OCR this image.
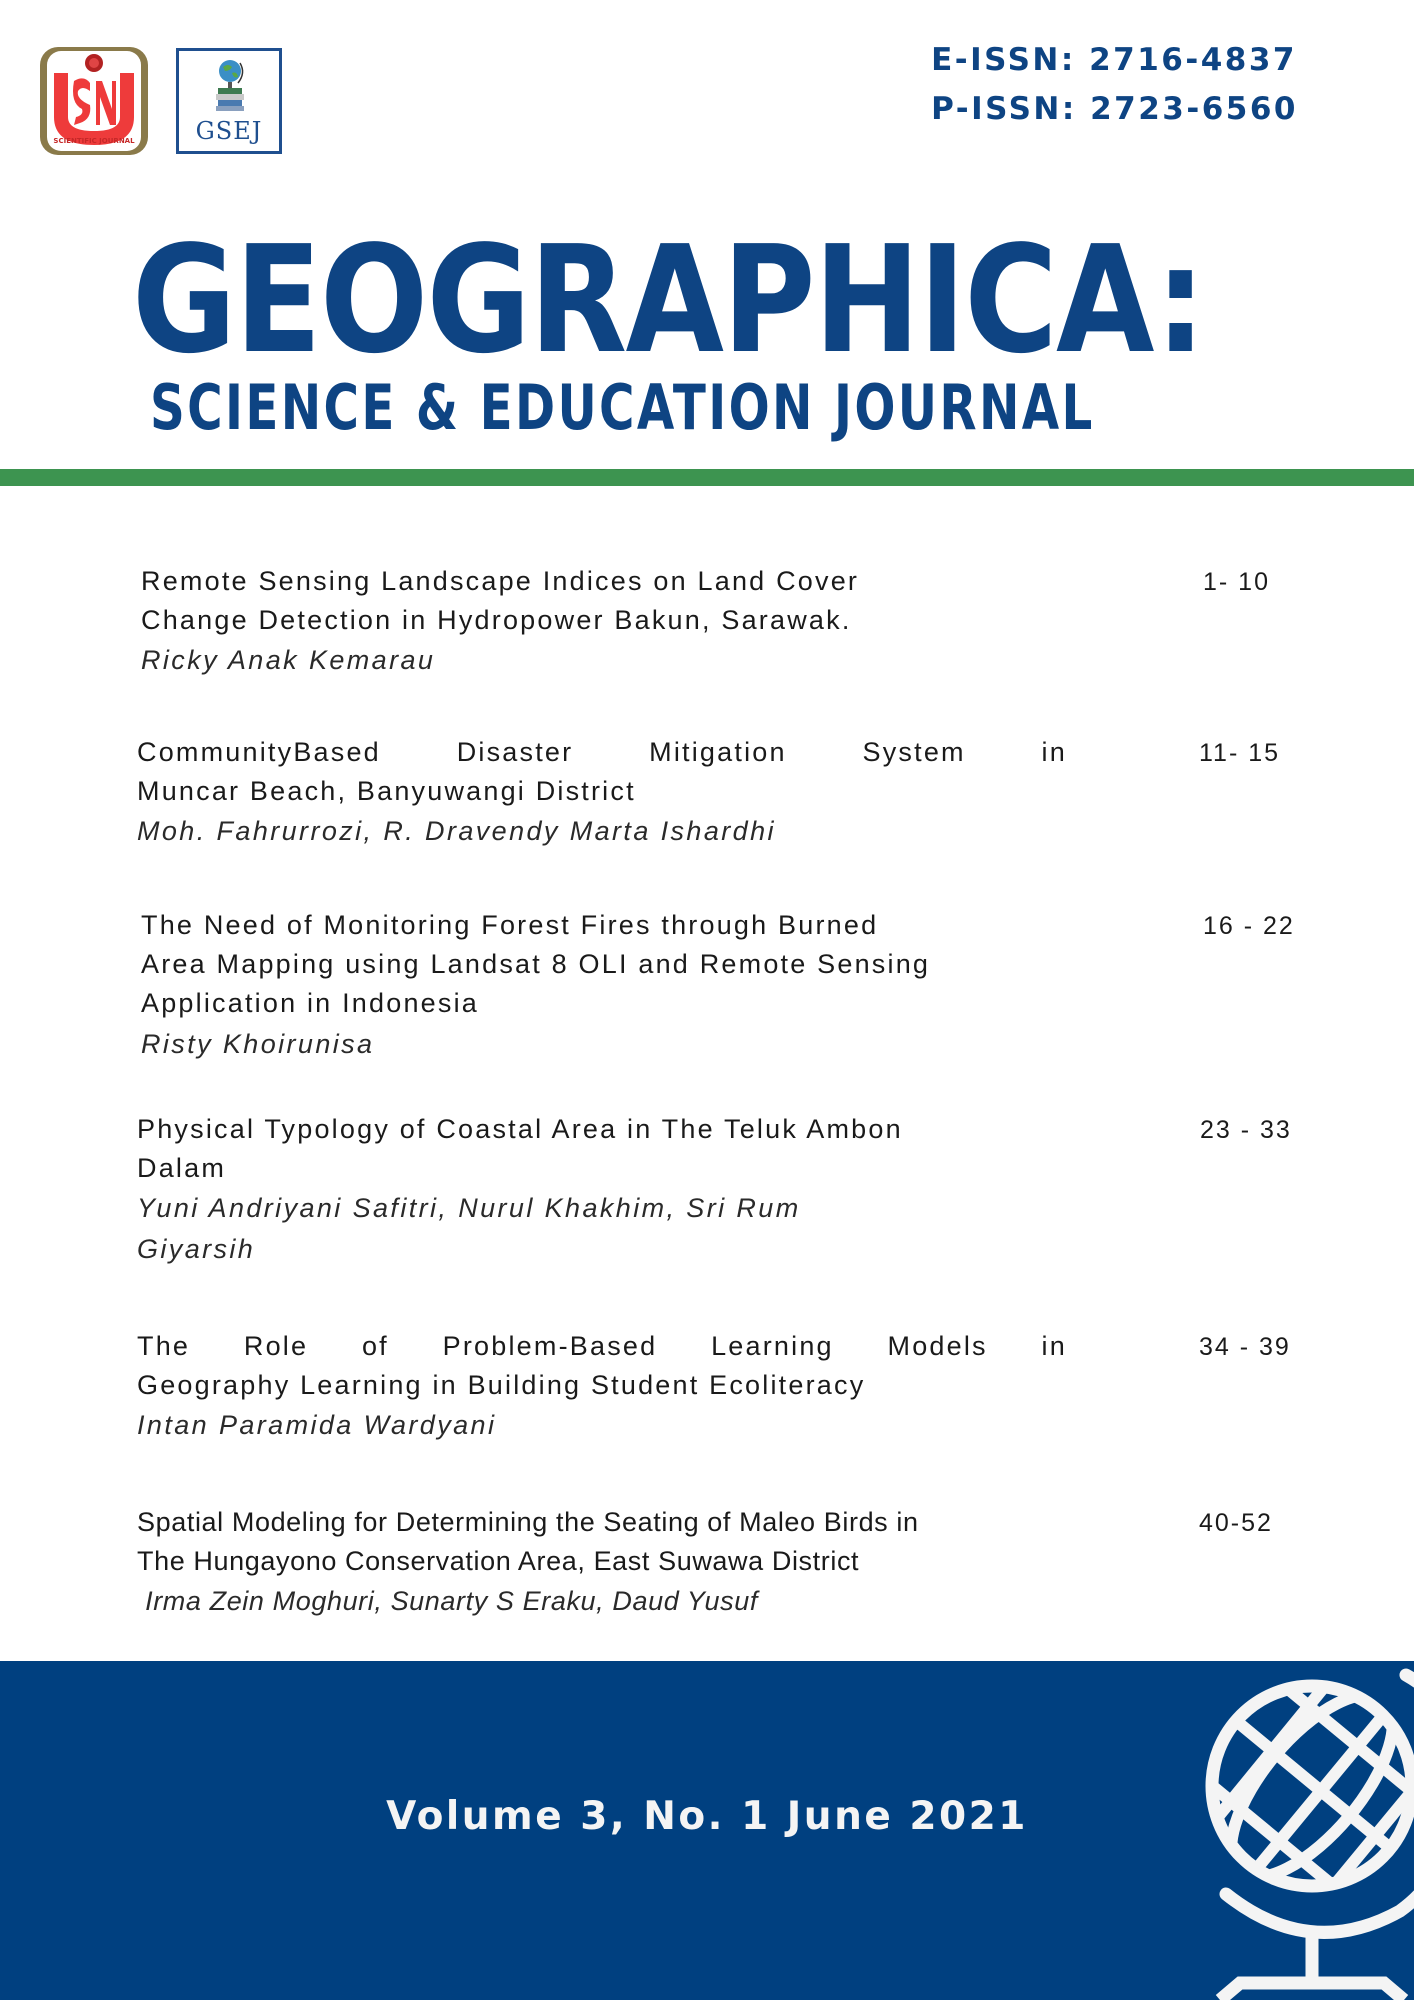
SCIENTIFIC JOURNAL	GSEJ
E-ISSN: 2716-4837
P-ISSN: 2723-6560
GEOGRAPHICA:
SCIENCE & EDUCATION JOURNAL
Remote Sensing Landscape Indices on Land Cover
Change Detection in Hydropower Bakun, Sarawak.
Ricky Anak Kemarau
1- 10
CommunityBased	Disaster	Mitigation	System	in
Muncar Beach, Banyuwangi District
Moh. Fahrurrozi, R. Dravendy Marta Ishardhi
11- 15
The Need of Monitoring Forest Fires through Burned
Area Mapping using Landsat 8 OLI and Remote Sensing
Application in Indonesia
Risty Khoirunisa
16 - 22
Physical Typology of Coastal Area in The Teluk Ambon
Dalam
Yuni Andriyani Safitri, Nurul Khakhim, Sri Rum
Giyarsih
23 - 33
The Role of Problem-Based Learning Models in
Geography Learning in Building Student Ecoliteracy
Intan Paramida Wardyani
34 - 39
Spatial Modeling for Determining the Seating of Maleo Birds in
The Hungayono Conservation Area, East Suwawa District
Irma Zein Moghuri, Sunarty S Eraku, Daud Yusuf
40-52
Volume 3, No. 1 June 2021
